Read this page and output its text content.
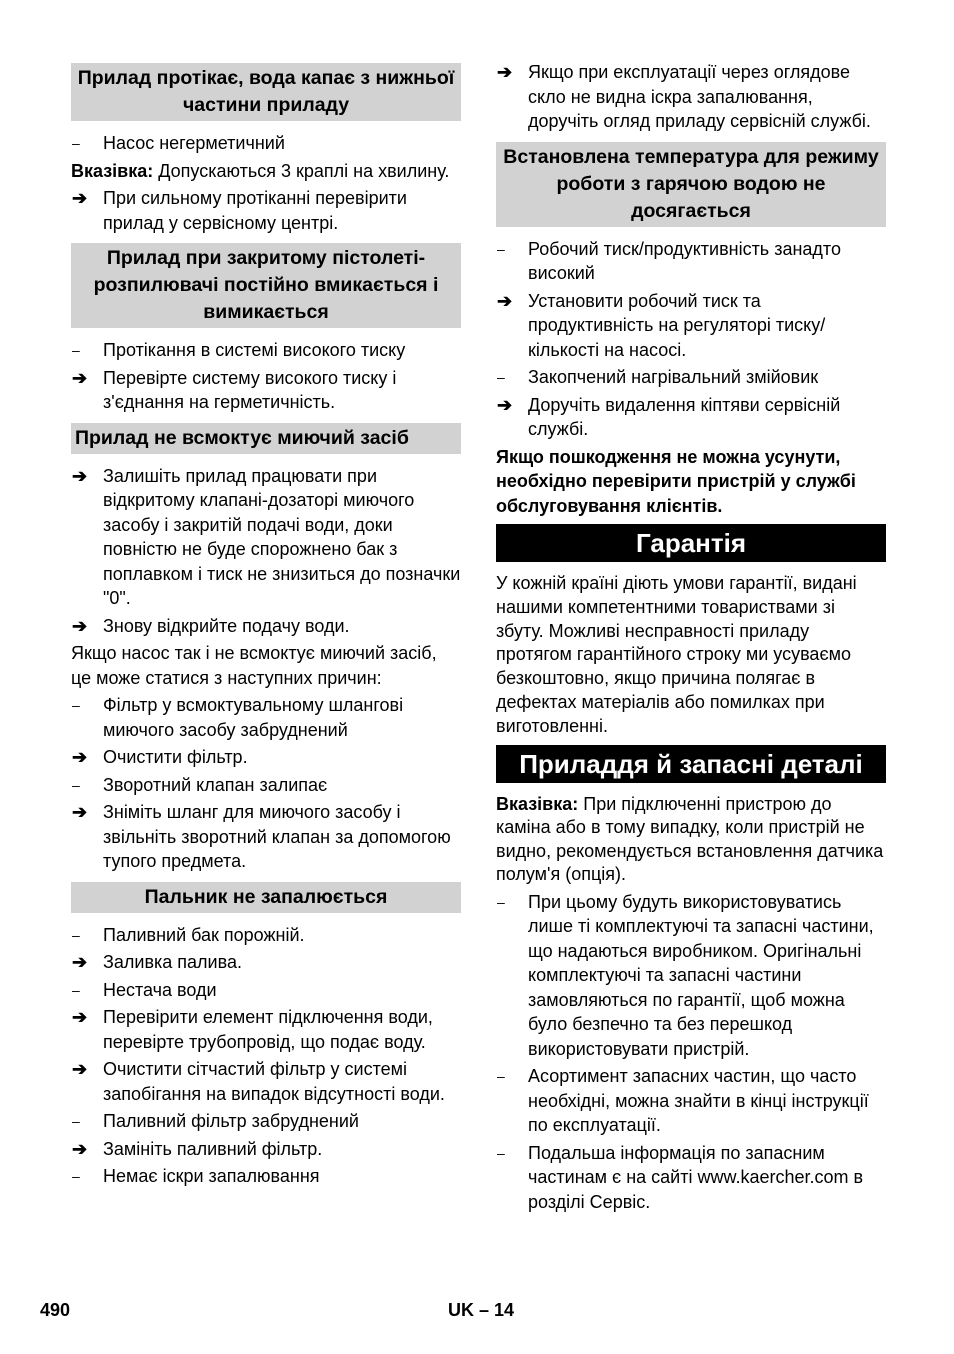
Прилад протікає, вода капає з нижньої частини приладу
–	Насос негерметичний
Вказівка: Допускаються 3 краплі на хвилину.
➔ При сильному протіканні перевірити прилад у сервісному центрі.
Прилад при закритому пістолеті-розпилювачі постійно вмикається і вимикається
–	Протікання в системі високого тиску
➔ Перевірте систему високого тиску і з'єднання на герметичність.
Прилад не всмоктує миючий засіб
➔ Залишіть прилад працювати при відкритому клапані-дозаторі миючого засобу і закритій подачі води, доки повністю не буде спорожнено бак з поплавком і тиск не знизиться до позначки "0".
➔ Знову відкрийте подачу води.
Якщо насос так і не всмоктує миючий засіб, це може статися з наступних причин:
–	Фільтр у всмоктувальному шлангові миючого засобу забруднений
➔ Очистити фільтр.
–	Зворотний клапан залипає
➔ Зніміть шланг для миючого засобу і звільніть зворотний клапан за допомогою тупого предмета.
Пальник не запалюється
–	Паливний бак порожній.
➔ Заливка палива.
–	Нестача води
➔ Перевірити елемент підключення води, перевірте трубопровід, що подає воду.
➔ Очистити сітчастий фільтр у системі запобігання на випадок відсутності води.
–	Паливний фільтр забруднений
➔ Замініть паливний фільтр.
–	Немає іскри запалювання
➔ Якщо при експлуатації через оглядове скло не видна іскра запалювання, доручіть огляд приладу сервісній службі.
Встановлена температура для режиму роботи з гарячою водою не досягається
–	Робочий тиск/продуктивність занадто високий
➔ Установити робочий тиск та продуктивність на регуляторі тиску/кількості на насосі.
–	Закопчений нагрівальний змійовик
➔ Доручіть видалення кіптяви сервісній службі.
Якщо пошкодження не можна усунути, необхідно перевірити пристрій у службі обслуговування клієнтів.
Гарантія
У кожній країні діють умови гарантії, видані нашими компетентними товариствами зі збуту. Можливі несправності приладу протягом гарантійного строку ми усуваємо безкоштовно, якщо причина полягає в дефектах матеріалів або помилках при виготовленні.
Приладдя й запасні деталі
Вказівка: При підключенні пристрою до каміна або в тому випадку, коли пристрій не видно, рекомендується встановлення датчика полум'я (опція).
–	При цьому будуть використовуватись лише ті комплектуючі та запасні частини, що надаються виробником. Оригінальні комплектуючі та запасні частини замовляються по гарантії, щоб можна було безпечно та без перешкод використовувати пристрій.
–	Асортимент запасних частин, що часто необхідні, можна знайти в кінці інструкції по експлуатації.
–	Подальша інформація по запасним частинам є на сайті www.kaercher.com в розділі Сервіс.
490	UK – 14
